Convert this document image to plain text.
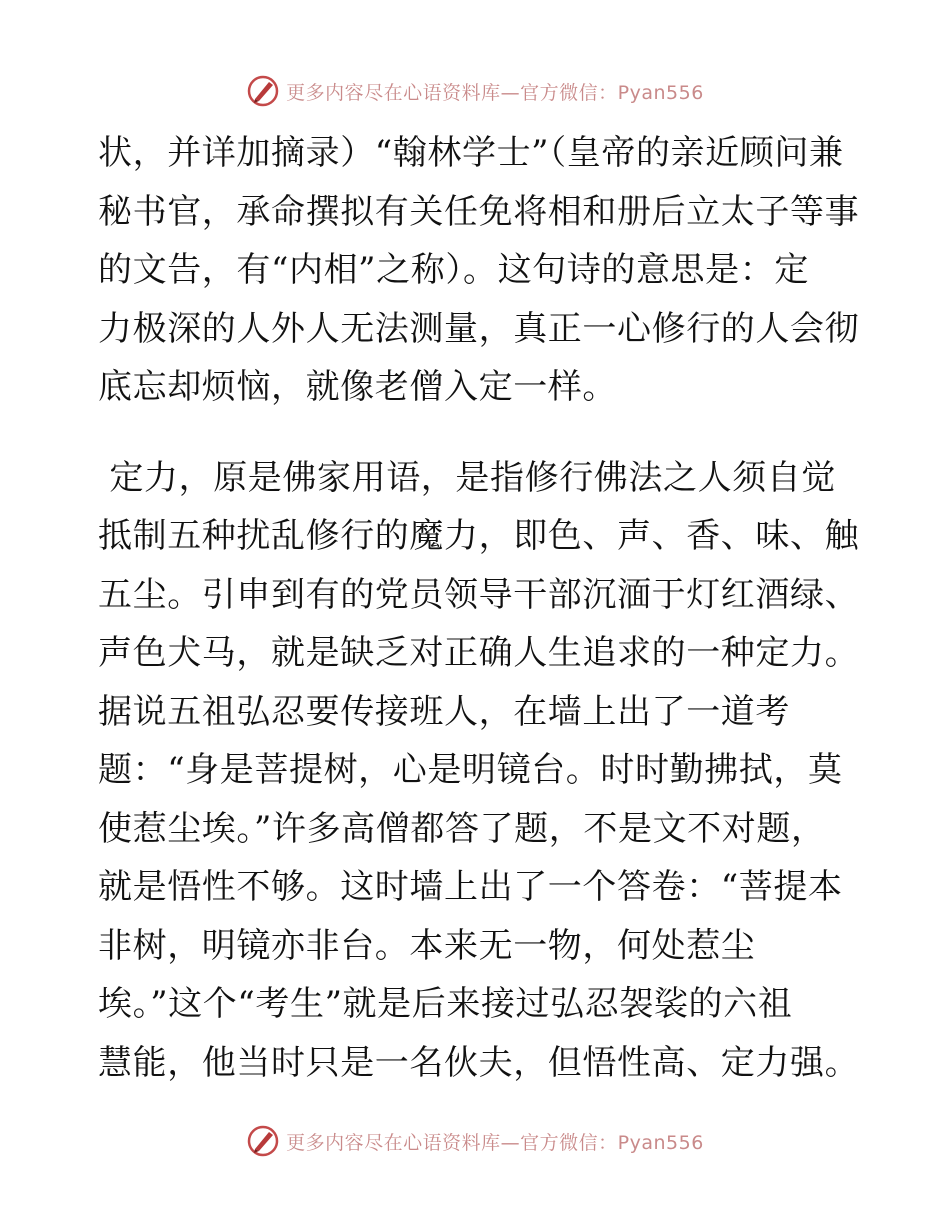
更多内容尽在心语资料库—官方微信：Pyan556
状，并详加摘录）“翰林学士”（皇帝的亲近顾问兼
秘书官，承命撰拟有关任免将相和册后立太子等事
的文告，有“内相”之称）。这句诗的意思是：定
力极深的人外人无法测量，真正一心修行的人会彻
底忘却烦恼，就像老僧入定一样。
定力，原是佛家用语，是指修行佛法之人须自觉
抵制五种扰乱修行的魔力，即色、声、香、味、触
五尘。引申到有的党员领导干部沉湎于灯红酒绿、
声色犬马，就是缺乏对正确人生追求的一种定力。
据说五祖弘忍要传接班人，在墙上出了一道考
题：“身是菩提树，心是明镜台。时时勤拂拭，莫
使惹尘埃。”许多高僧都答了题，不是文不对题，
就是悟性不够。这时墙上出了一个答卷：“菩提本
非树，明镜亦非台。本来无一物，何处惹尘
埃。”这个“考生”就是后来接过弘忍袈裟的六祖
慧能，他当时只是一名伙夫，但悟性高、定力强。
更多内容尽在心语资料库—官方微信：Pyan556
